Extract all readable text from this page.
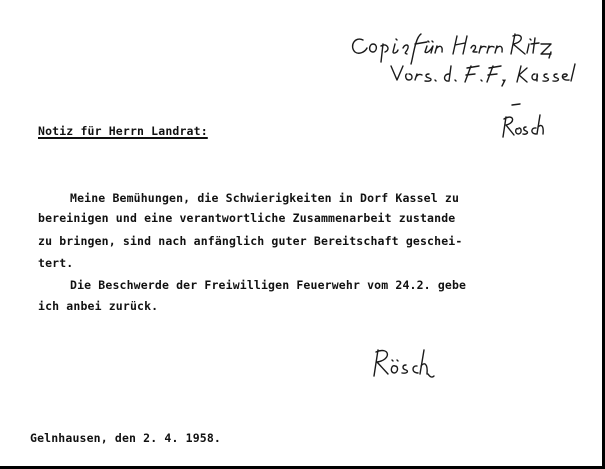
Notiz für Herrn Landrat:
Meine Bemühungen, die Schwierigkeiten in Dorf Kassel zu
bereinigen und eine verantwortliche Zusammenarbeit zustande
zu bringen, sind nach anfänglich guter Bereitschaft geschei-
tert.
Die Beschwerde der Freiwilligen Feuerwehr vom 24.2. gebe
ich anbei zurück.
Gelnhausen, den 2. 4. 1958.
